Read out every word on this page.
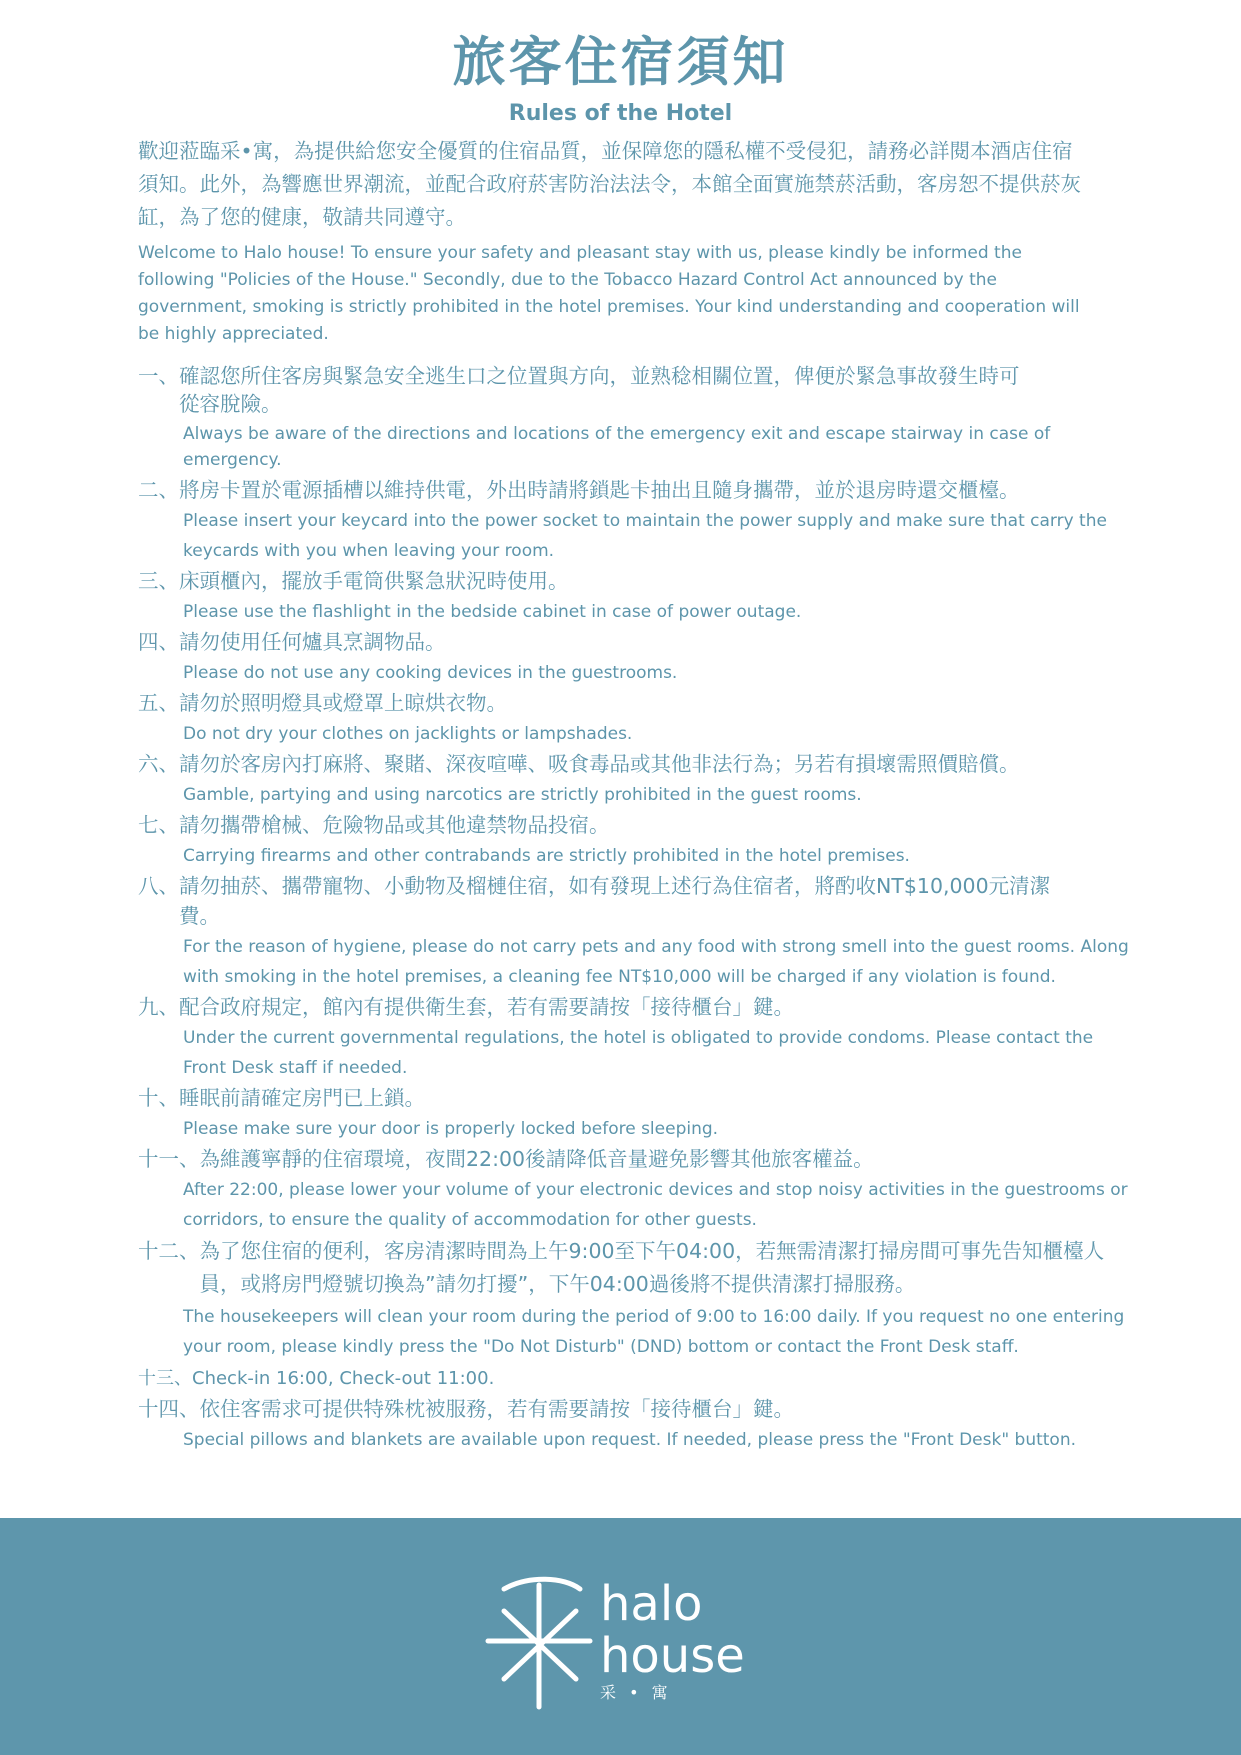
旅客住宿須知
Rules of the Hotel

歡迎蒞臨采•寓，為提供給您安全優質的住宿品質，並保障您的隱私權不受侵犯，請務必詳閱本酒店住宿須知。此外，為響應世界潮流，並配合政府菸害防治法法令，本館全面實施禁菸活動，客房恕不提供菸灰缸，為了您的健康，敬請共同遵守。

Welcome to Halo house! To ensure your safety and pleasant stay with us, please kindly be informed the following "Policies of the House." Secondly, due to the Tobacco Hazard Control Act announced by the government, smoking is strictly prohibited in the hotel premises. Your kind understanding and cooperation will be highly appreciated.

一、 確認您所住客房與緊急安全逃生口之位置與方向，並熟稔相關位置，俾便於緊急事故發生時可從容脫險。
Always be aware of the directions and locations of the emergency exit and escape stairway in case of emergency.
二、 將房卡置於電源插槽以維持供電，外出時請將鎖匙卡抽出且隨身攜帶，並於退房時還交櫃檯。
Please insert your keycard into the power socket to maintain the power supply and make sure that carry the keycards with you when leaving your room.
三、 床頭櫃內，擺放手電筒供緊急狀況時使用。
Please use the flashlight in the bedside cabinet in case of power outage.
四、 請勿使用任何爐具烹調物品。
Please do not use any cooking devices in the guestrooms.
五、 請勿於照明燈具或燈罩上晾烘衣物。
Do not dry your clothes on jacklights or lampshades.
六、 請勿於客房內打麻將、聚賭、深夜喧嘩、吸食毒品或其他非法行為；另若有損壞需照價賠償。
Gamble, partying and using narcotics are strictly prohibited in the guest rooms.
七、 請勿攜帶槍械、危險物品或其他違禁物品投宿。
Carrying firearms and other contrabands are strictly prohibited in the hotel premises.
八、 請勿抽菸、攜帶寵物、小動物及榴槤住宿，如有發現上述行為住宿者，將酌收NT$10,000元清潔費。
For the reason of hygiene, please do not carry pets and any food with strong smell into the guest rooms. Along with smoking in the hotel premises, a cleaning fee NT$10,000 will be charged if any violation is found.
九、 配合政府規定，館內有提供衛生套，若有需要請按「接待櫃台」鍵。
Under the current governmental regulations, the hotel is obligated to provide condoms. Please contact the Front Desk staff if needed.
十、 睡眠前請確定房門已上鎖。
Please make sure your door is properly locked before sleeping.
十一、 為維護寧靜的住宿環境，夜間22:00後請降低音量避免影響其他旅客權益。
After 22:00, please lower your volume of your electronic devices and stop noisy activities in the guestrooms or corridors, to ensure the quality of accommodation for other guests.
十二、 為了您住宿的便利，客房清潔時間為上午9:00至下午04:00，若無需清潔打掃房間可事先告知櫃檯人員，或將房門燈號切換為”請勿打擾”，下午04:00過後將不提供清潔打掃服務。
The housekeepers will clean your room during the period of 9:00 to 16:00 daily. If you request no one entering your room, please kindly press the "Do Not Disturb" (DND) bottom or contact the Front Desk staff.
十三、 Check-in 16:00, Check-out 11:00.
十四、 依住客需求可提供特殊枕被服務，若有需要請按「接待櫃台」鍵。
Special pillows and blankets are available upon request. If needed, please press the "Front Desk" button.
halo
house
采 • 寓
